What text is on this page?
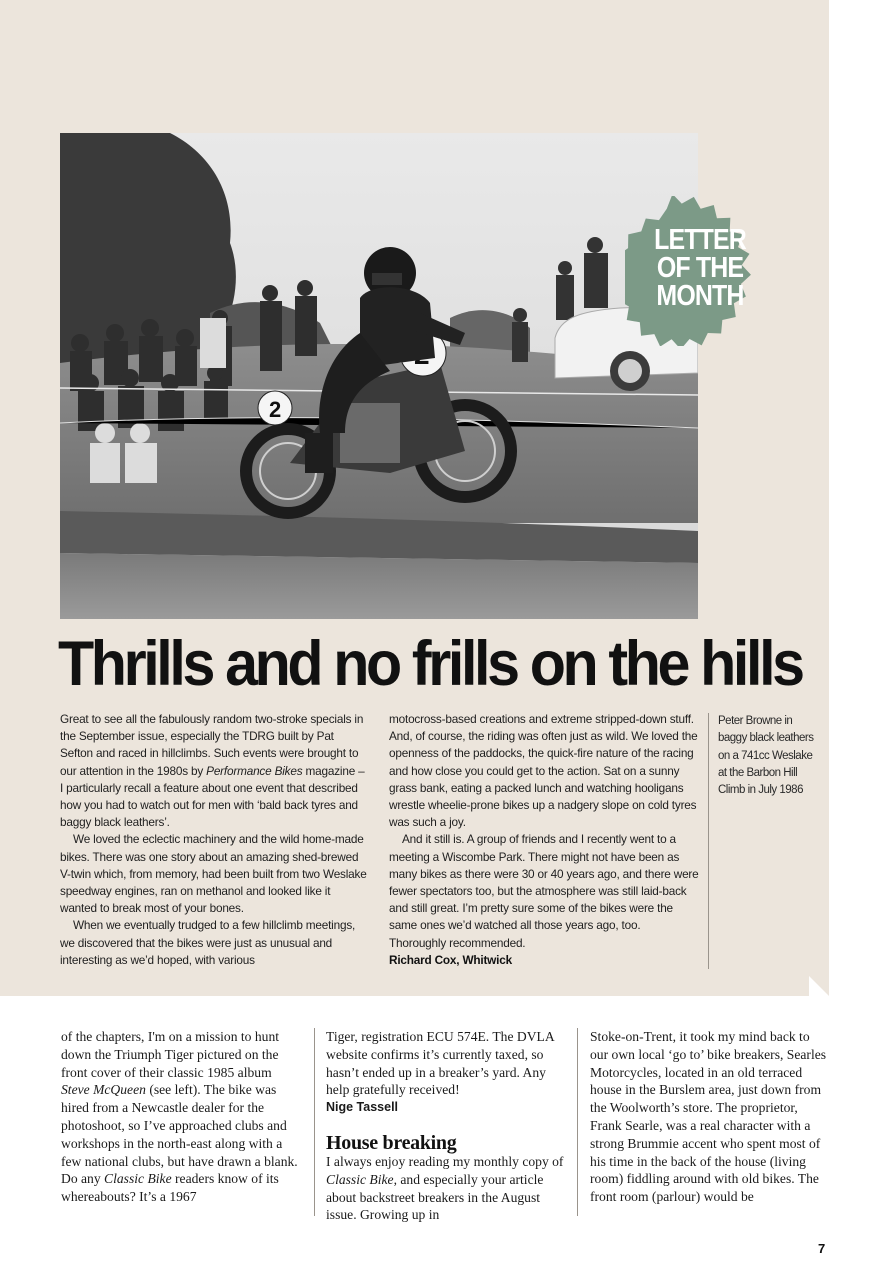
2
LETTER
OF THE
MONTH
Thrills and no frills on the hills

Great to see all the fabulously random two-stroke specials in the September issue, especially the TDRG built by Pat Sefton and raced in hillclimbs. Such events were brought to our attention in the 1980s by Performance Bikes magazine – I particularly recall a feature about one event that described how you had to watch out for men with ‘bald back tyres and baggy black leathers’.

We loved the eclectic machinery and the wild home-made bikes. There was one story about an amazing shed-brewed V-twin which, from memory, had been built from two Weslake speedway engines, ran on methanol and looked like it wanted to break most of your bones.

When we eventually trudged to a few hillclimb meetings, we discovered that the bikes were just as unusual and interesting as we’d hoped, with various

motocross-based creations and extreme stripped-down stuff. And, of course, the riding was often just as wild. We loved the openness of the paddocks, the quick-fire nature of the racing and how close you could get to the action. Sat on a sunny grass bank, eating a packed lunch and watching hooligans wrestle wheelie-prone bikes up a nadgery slope on cold tyres was such a joy.

And it still is. A group of friends and I recently went to a meeting a Wiscombe Park. There might not have been as many bikes as there were 30 or 40 years ago, and there were fewer spectators too, but the atmosphere was still laid-back and still great. I’m pretty sure some of the bikes were the same ones we’d watched all those years ago, too. Thoroughly recommended.

Richard Cox, Whitwick
Peter Browne in baggy black leathers on a 741cc Weslake at the Barbon Hill Climb in July 1986

of the chapters, I'm on a mission to hunt down the Triumph Tiger pictured on the front cover of their classic 1985 album Steve McQueen (see left). The bike was hired from a Newcastle dealer for the photoshoot, so I’ve approached clubs and workshops in the north-east along with a few national clubs, but have drawn a blank. Do any Classic Bike readers know of its whereabouts? It’s a 1967

Tiger, registration ECU 574E. The DVLA website confirms it’s currently taxed, so hasn’t ended up in a breaker’s yard. Any help gratefully received!

Nige Tassell
House breaking

I always enjoy reading my monthly copy of Classic Bike, and especially your article about backstreet breakers in the August issue. Growing up in

Stoke-on-Trent, it took my mind back to our own local ‘go to’ bike breakers, Searles Motorcycles, located in an old terraced house in the Burslem area, just down from the Woolworth’s store. The proprietor, Frank Searle, was a real character with a strong Brummie accent who spent most of his time in the back of the house (living room) fiddling around with old bikes. The front room (parlour) would be

7
